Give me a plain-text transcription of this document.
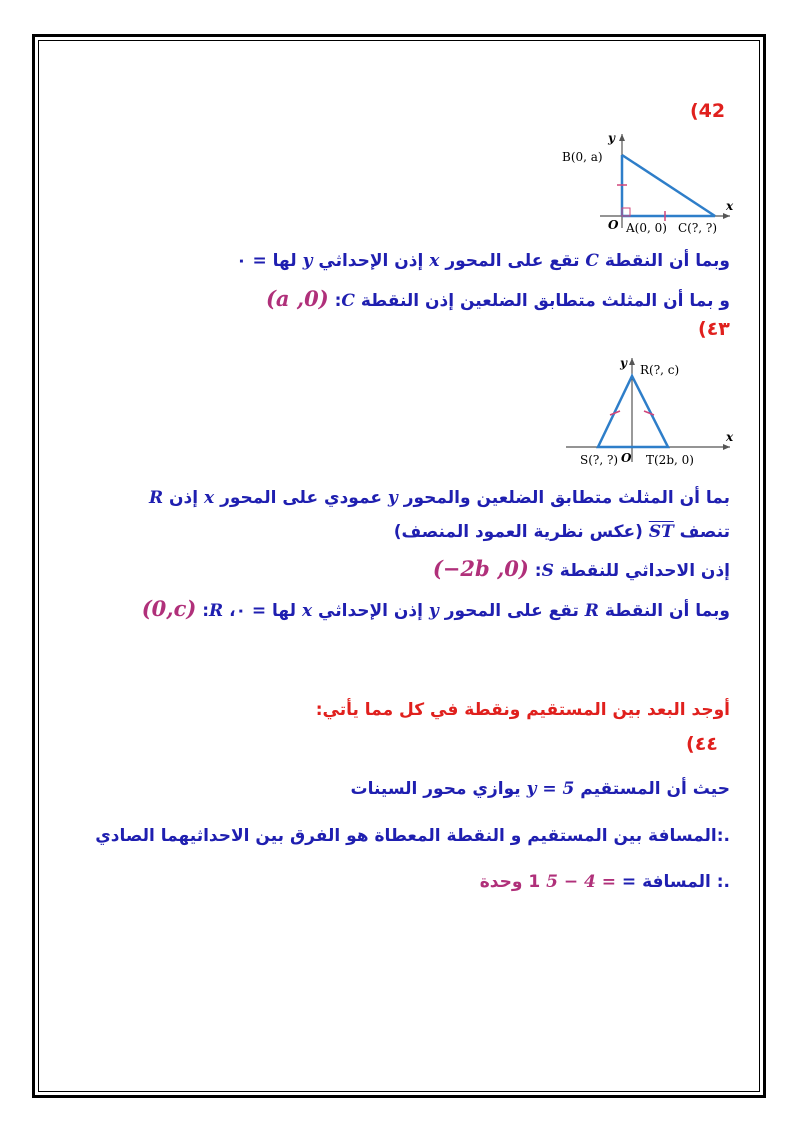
(42
y
x
B(0, a)
O A(0, 0) C(?, ?)
وبما أن النقطة C تقع على المحور x إذن الإحداثي y لها = ٠
و بما أن المثلث متطابق الضلعين إذن النقطة C: (a ,0)
(٤٣
y R(?, c)
x
S(?, ?) O T(2b, 0)
بما أن المثلث متطابق الضلعين والمحور y عمودي على المحور x إذن R
تنصف ST (عكس نظرية العمود المنصف)
إذن الاحداثي للنقطة S: (−2b ,0)
وبما أن النقطة R تقع على المحور y إذن الإحداثي x لها = ٠، R: (0,c)
أوجد البعد بين المستقيم ونقطة في كل مما يأتي:
(٤٤
حيث أن المستقيم y = 5 يوازي محور السينات
.:المسافة بين المستقيم و النقطة المعطاة هو الفرق بين الاحداثيهما الصادي
.: المسافة = 5 − 4 = 1 وحدة
